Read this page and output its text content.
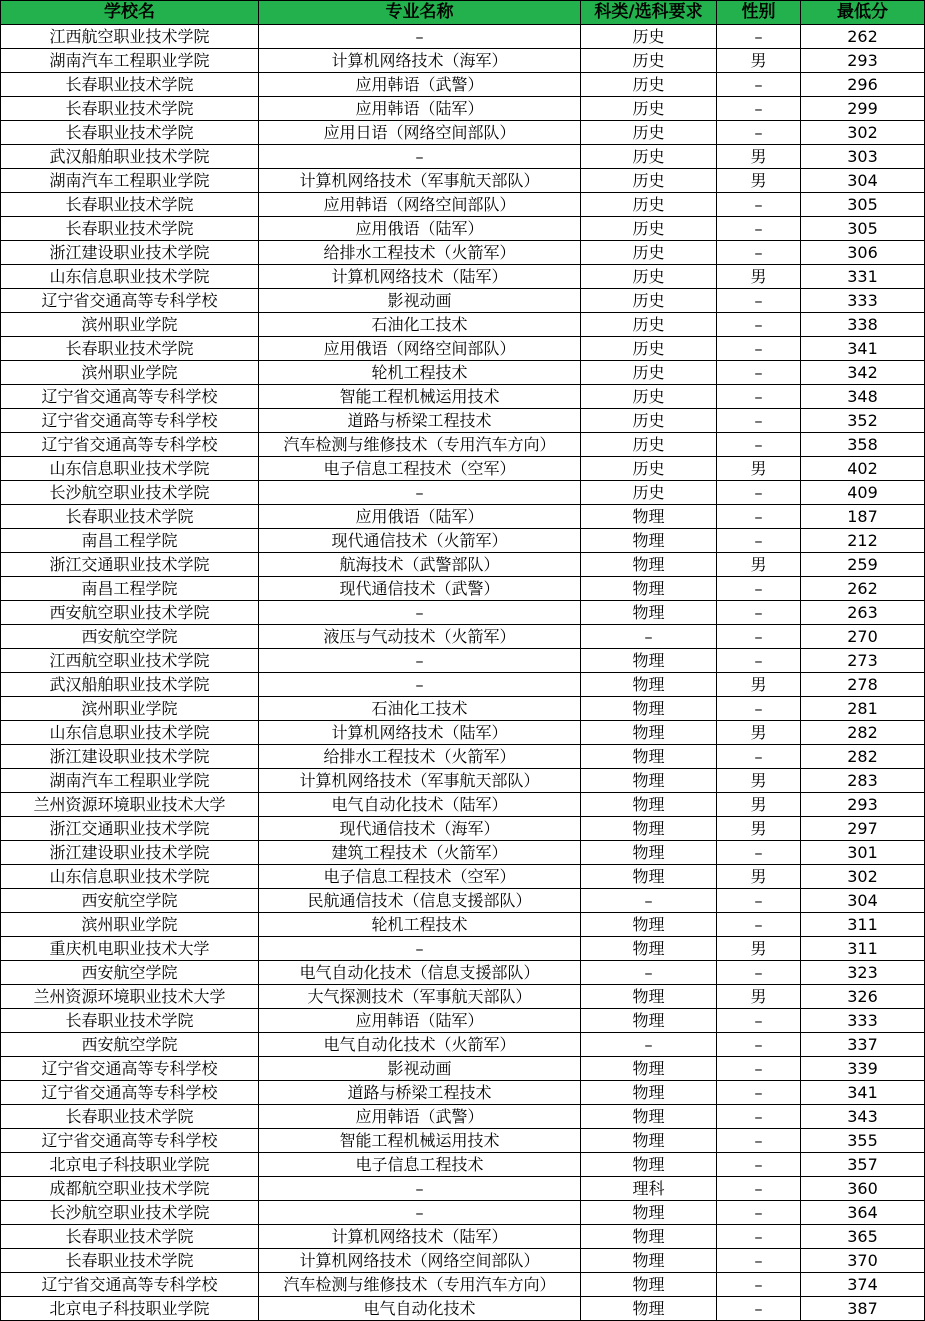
学校名	专业名称	科类/选科要求	性别	最低分
江西航空职业技术学院	–	历史	–	262
湖南汽车工程职业学院	计算机网络技术（海军）	历史	男	293
长春职业技术学院	应用韩语（武警）	历史	–	296
长春职业技术学院	应用韩语（陆军）	历史	–	299
长春职业技术学院	应用日语（网络空间部队）	历史	–	302
武汉船舶职业技术学院	–	历史	男	303
湖南汽车工程职业学院	计算机网络技术（军事航天部队）	历史	男	304
长春职业技术学院	应用韩语（网络空间部队）	历史	–	305
长春职业技术学院	应用俄语（陆军）	历史	–	305
浙江建设职业技术学院	给排水工程技术（火箭军）	历史	–	306
山东信息职业技术学院	计算机网络技术（陆军）	历史	男	331
辽宁省交通高等专科学校	影视动画	历史	–	333
滨州职业学院	石油化工技术	历史	–	338
长春职业技术学院	应用俄语（网络空间部队）	历史	–	341
滨州职业学院	轮机工程技术	历史	–	342
辽宁省交通高等专科学校	智能工程机械运用技术	历史	–	348
辽宁省交通高等专科学校	道路与桥梁工程技术	历史	–	352
辽宁省交通高等专科学校	汽车检测与维修技术（专用汽车方向）	历史	–	358
山东信息职业技术学院	电子信息工程技术（空军）	历史	男	402
长沙航空职业技术学院	–	历史	–	409
长春职业技术学院	应用俄语（陆军）	物理	–	187
南昌工程学院	现代通信技术（火箭军）	物理	–	212
浙江交通职业技术学院	航海技术（武警部队）	物理	男	259
南昌工程学院	现代通信技术（武警）	物理	–	262
西安航空职业技术学院	–	物理	–	263
西安航空学院	液压与气动技术（火箭军）	–	–	270
江西航空职业技术学院	–	物理	–	273
武汉船舶职业技术学院	–	物理	男	278
滨州职业学院	石油化工技术	物理	–	281
山东信息职业技术学院	计算机网络技术（陆军）	物理	男	282
浙江建设职业技术学院	给排水工程技术（火箭军）	物理	–	282
湖南汽车工程职业学院	计算机网络技术（军事航天部队）	物理	男	283
兰州资源环境职业技术大学	电气自动化技术（陆军）	物理	男	293
浙江交通职业技术学院	现代通信技术（海军）	物理	男	297
浙江建设职业技术学院	建筑工程技术（火箭军）	物理	–	301
山东信息职业技术学院	电子信息工程技术（空军）	物理	男	302
西安航空学院	民航通信技术（信息支援部队）	–	–	304
滨州职业学院	轮机工程技术	物理	–	311
重庆机电职业技术大学	–	物理	男	311
西安航空学院	电气自动化技术（信息支援部队）	–	–	323
兰州资源环境职业技术大学	大气探测技术（军事航天部队）	物理	男	326
长春职业技术学院	应用韩语（陆军）	物理	–	333
西安航空学院	电气自动化技术（火箭军）	–	–	337
辽宁省交通高等专科学校	影视动画	物理	–	339
辽宁省交通高等专科学校	道路与桥梁工程技术	物理	–	341
长春职业技术学院	应用韩语（武警）	物理	–	343
辽宁省交通高等专科学校	智能工程机械运用技术	物理	–	355
北京电子科技职业学院	电子信息工程技术	物理	–	357
成都航空职业技术学院	–	理科	–	360
长沙航空职业技术学院	–	物理	–	364
长春职业技术学院	计算机网络技术（陆军）	物理	–	365
长春职业技术学院	计算机网络技术（网络空间部队）	物理	–	370
辽宁省交通高等专科学校	汽车检测与维修技术（专用汽车方向）	物理	–	374
北京电子科技职业学院	电气自动化技术	物理	–	387
